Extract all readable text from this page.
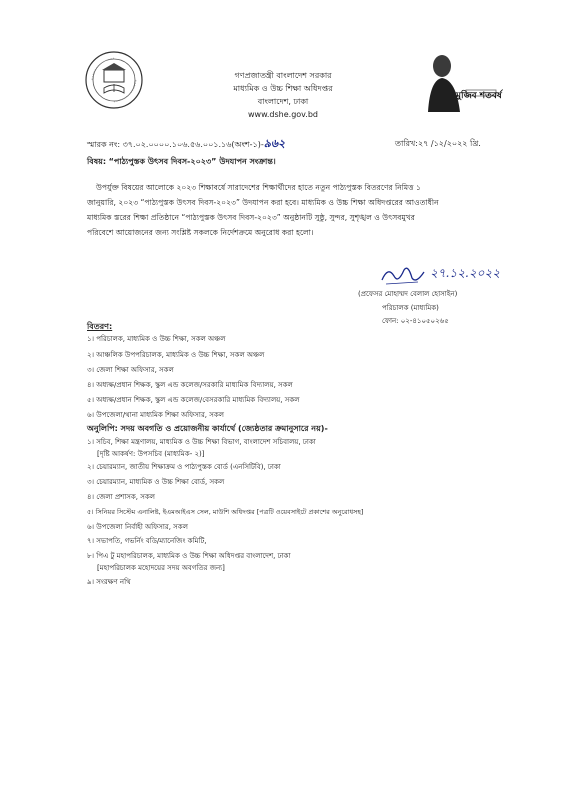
গণপ্রজাতন্ত্রী বাংলাদেশ সরকার
মাধ্যমিক ও উচ্চ শিক্ষা অধিদপ্তর
বাংলাদেশ, ঢাকা
www.dshe.gov.bd
মুজিব শতবর্ষ
স্মারক নং: ৩৭.০২.০০০০.১০৬.৫৬.০০১.১৬(অংশ-১)-৯৬২	তারিখ:২৭ /১২/২০২২ খ্রি.
বিষয়: “পাঠ্যপুস্তক উৎসব দিবস-২০২৩” উদযাপন সংক্রান্ত।
উপর্যুক্ত বিষয়ের আলোকে ২০২৩ শিক্ষাবর্ষে সারাদেশের শিক্ষার্থীদের হাতে নতুন পাঠ্যপুস্তক বিতরণের নিমিত্ত ১
জানুয়ারি, ২০২৩ “পাঠ্যপুস্তক উৎসব দিবস-২০২৩” উদযাপন করা হবে। মাধ্যমিক ও উচ্চ শিক্ষা অধিদপ্তরের আওতাধীন
মাধ্যমিক স্তরের শিক্ষা প্রতিষ্ঠানে “পাঠ্যপুস্তক উৎসব দিবস-২০২৩” অনুষ্ঠানটি সুষ্ঠু, সুন্দর, সুশৃঙ্খল ও উৎসবমুখর
পরিবেশে আয়োজনের জন্য সংশ্লিষ্ট সকলকে নির্দেশক্রমে অনুরোধ করা হলো।
২৭.১২.২০২২
(প্রফেসর মোহাম্মদ বেলাল হোসাইন)
পরিচালক (মাধ্যমিক)
ফোন: ০২-৪১০৫০২৬৫
বিতরণ:
১। পরিচালক, মাধ্যমিক ও উচ্চ শিক্ষা, সকল অঞ্চল
২। আঞ্চলিক উপপরিচালক, মাধ্যমিক ও উচ্চ শিক্ষা, সকল অঞ্চল
৩। জেলা শিক্ষা অফিসার, সকল
৪। অধ্যক্ষ/প্রধান শিক্ষক, স্কুল এন্ড কলেজ/সরকারি মাধ্যমিক বিদ্যালয়, সকল
৫। অধ্যক্ষ/প্রধান শিক্ষক, স্কুল এন্ড কলেজ/বেসরকারি মাধ্যমিক বিদ্যালয়, সকল
৬। উপজেলা/থানা মাধ্যমিক শিক্ষা অফিসার, সকল
অনুলিপি: সদয় অবগতি ও প্রয়োজনীয় কার্যার্থে (জ্যেষ্ঠতার ক্রমানুসারে নয়)-
১। সচিব, শিক্ষা মন্ত্রণালয়, মাধ্যমিক ও উচ্চ শিক্ষা বিভাগ, বাংলাদেশ সচিবালয়, ঢাকা
[দৃষ্টি আকর্ষণ: উপসচিব (মাধ্যমিক- ২)]
২। চেয়ারম্যান, জাতীয় শিক্ষাক্রম ও পাঠ্যপুস্তক বোর্ড (এনসিটিবি), ঢাকা
৩। চেয়ারম্যান, মাধ্যমিক ও উচ্চ শিক্ষা বোর্ড, সকল
৪। জেলা প্রশাসক, সকল
৫। সিনিয়র সিস্টেম এনালিষ্ট, ইএমআইএস সেল, মাউশি অধিদপ্তর [পত্রটি ওয়েবসাইটে প্রকাশের অনুরোধসহ]
৬। উপজেলা নির্বাহী অফিসার, সকল
৭। সভাপতি, গভর্নিং বডি/ম্যানেজিং কমিটি,
৮। পিএ টু মহাপরিচালক, মাধ্যমিক ও উচ্চ শিক্ষা অধিদপ্তর বাংলাদেশ, ঢাকা
[মহাপরিচালক মহোদয়ের সদয় অবগতির জন্য]
৯। সংরক্ষণ নথি
